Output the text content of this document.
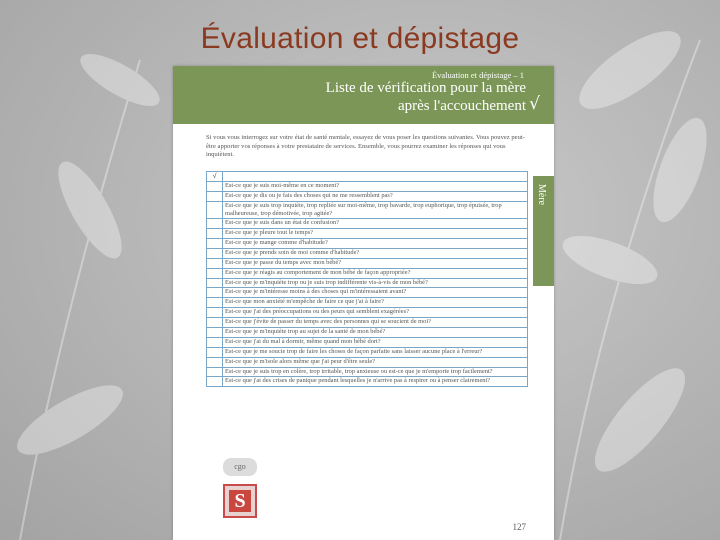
Évaluation et dépistage
Évaluation et dépistage – 1
Liste de vérification pour la mère
après l'accouchement √
Mère
Si vous vous interrogez sur votre état de santé mentale, essayez de vous poser les questions suivantes. Vous pouvez peut-être apporter vos réponses à votre prestataire de services. Ensemble, vous pourrez examiner les réponses qui vous inquiètent.
√
Est-ce que je suis moi-même en ce moment?
Est-ce que je dis ou je fais des choses qui ne me ressemblent pas?
Est-ce que je suis trop inquiète, trop repliée sur moi-même, trop bavarde, trop euphorique, trop épuisée, trop malheureuse, trop démotivée, trop agitée?
Est-ce que je suis dans un état de confusion?
Est-ce que je pleure tout le temps?
Est-ce que je mange comme d'habitude?
Est-ce que je prends soin de moi comme d'habitude?
Est-ce que je passe du temps avec mon bébé?
Est-ce que je réagis au comportement de mon bébé de façon appropriée?
Est-ce que je m'inquiète trop ou je suis trop indifférente vis-à-vis de mon bébé?
Est-ce que je m'intéresse moins à des choses qui m'intéressaient avant?
Est-ce que mon anxiété m'empêche de faire ce que j'ai à faire?
Est-ce que j'ai des préoccupations ou des peurs qui semblent exagérées?
Est-ce que j'évite de passer du temps avec des personnes qui se soucient de moi?
Est-ce que je m'inquiète trop au sujet de la santé de mon bébé?
Est-ce que j'ai du mal à dormir, même quand mon bébé dort?
Est-ce que je me soucie trop de faire les choses de façon parfaite sans laisser aucune place à l'erreur?
Est-ce que je m'isole alors même que j'ai peur d'être seule?
Est-ce que je suis trop en colère, trop irritable, trop anxieuse ou est-ce que je m'emporte trop facilement?
Est-ce que j'ai des crises de panique pendant lesquelles je n'arrive pas à respirer ou à penser clairement?
cgo
S
127
